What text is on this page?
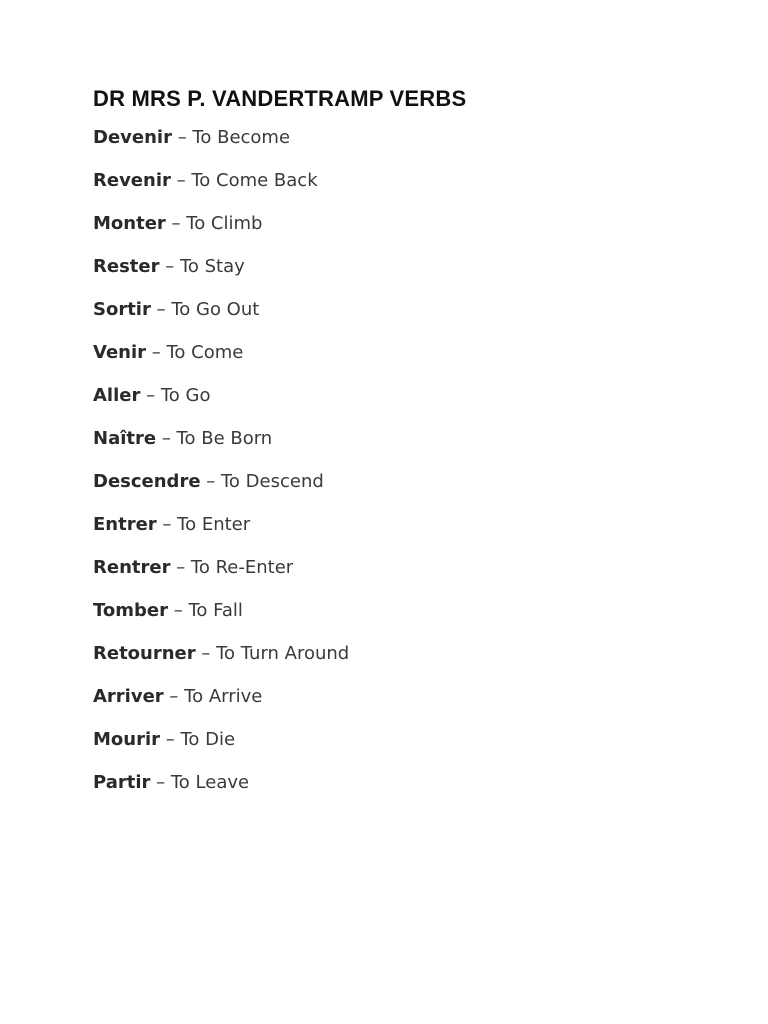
DR MRS P. VANDERTRAMP VERBS
Devenir – To Become
Revenir – To Come Back
Monter – To Climb
Rester – To Stay
Sortir – To Go Out
Venir – To Come
Aller – To Go
Naître – To Be Born
Descendre – To Descend
Entrer – To Enter
Rentrer – To Re-Enter
Tomber – To Fall
Retourner – To Turn Around
Arriver – To Arrive
Mourir – To Die
Partir – To Leave
